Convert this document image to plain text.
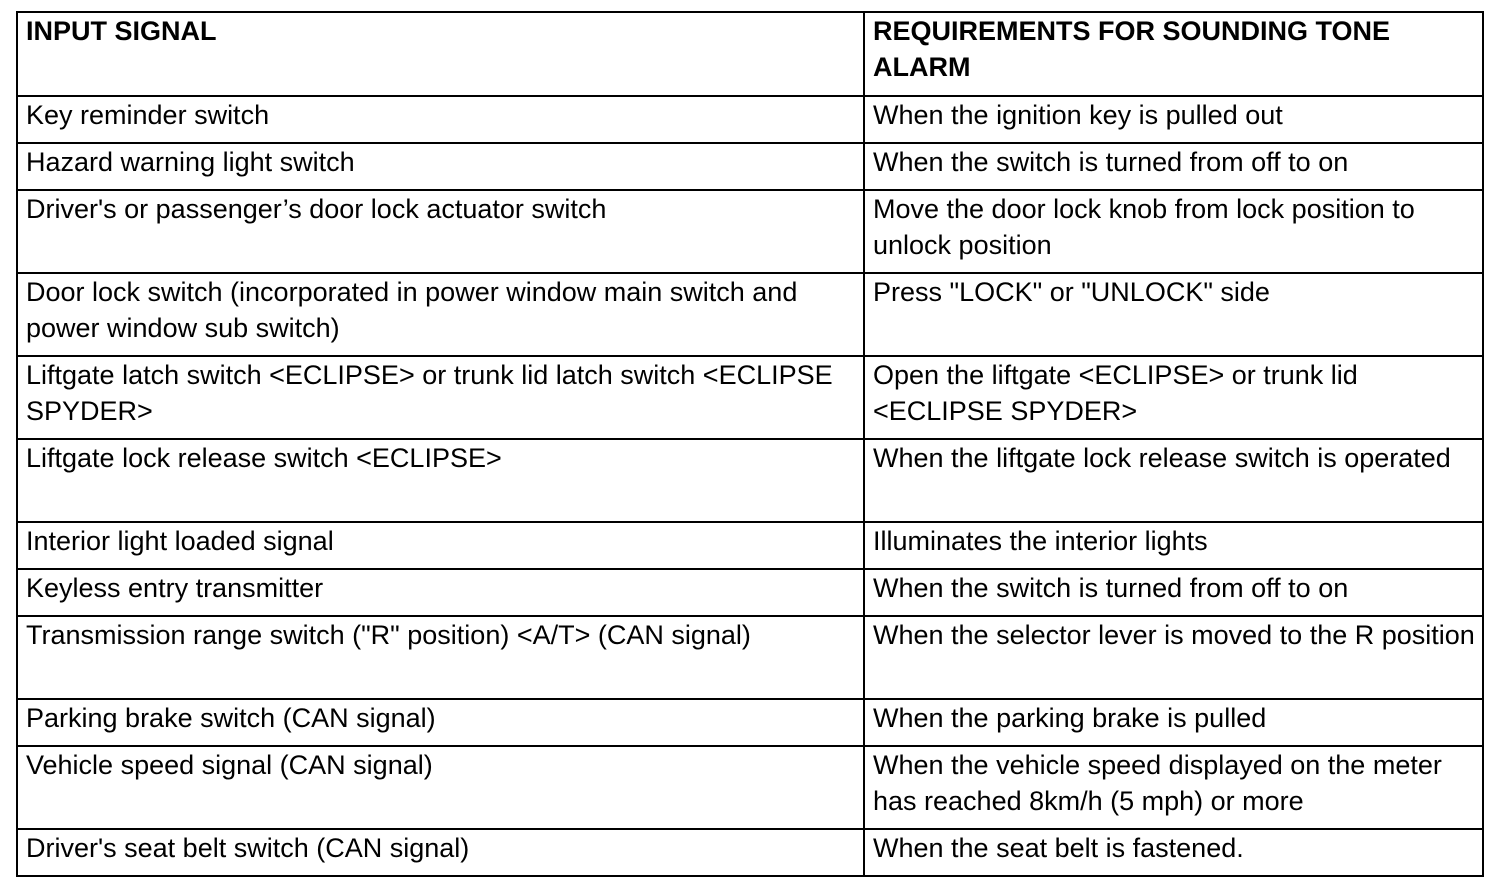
INPUT SIGNAL	REQUIREMENTS FOR SOUNDING TONE ALARM
Key reminder switch	When the ignition key is pulled out
Hazard warning light switch	When the switch is turned from off to on
Driver's or passenger’s door lock actuator switch	Move the door lock knob from lock position to unlock position
Door lock switch (incorporated in power window main switch and power window sub switch)	Press "LOCK" or "UNLOCK" side
Liftgate latch switch <ECLIPSE> or trunk lid latch switch <ECLIPSE SPYDER>	Open the liftgate <ECLIPSE> or trunk lid <ECLIPSE SPYDER>
Liftgate lock release switch <ECLIPSE>	When the liftgate lock release switch is operated
Interior light loaded signal	Illuminates the interior lights
Keyless entry transmitter	When the switch is turned from off to on
Transmission range switch ("R" position) <A/T> (CAN signal)	When the selector lever is moved to the R position
Parking brake switch (CAN signal)	When the parking brake is pulled
Vehicle speed signal (CAN signal)	When the vehicle speed displayed on the meter has reached 8km/h (5 mph) or more
Driver's seat belt switch (CAN signal)	When the seat belt is fastened.
